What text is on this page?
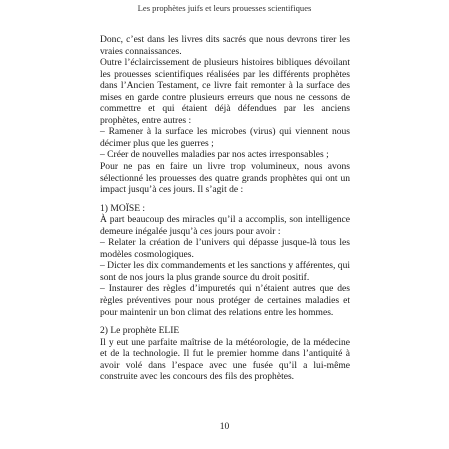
Les prophètes juifs et leurs prouesses scientifiques

Donc, c’est dans les livres dits sacrés que nous devrons tirer les vraies connaissances.

Outre l’éclaircissement de plusieurs histoires bibliques dévoilant les prouesses scientifiques réalisées par les différents prophètes dans l’Ancien Testament, ce livre fait remonter à la surface des mises en garde contre plusieurs erreurs que nous ne cessons de commettre et qui étaient déjà défendues par les anciens prophètes, entre autres :

– Ramener à la surface les microbes (virus) qui viennent nous décimer plus que les guerres ;

– Créer de nouvelles maladies par nos actes irresponsables ;

Pour ne pas en faire un livre trop volumineux, nous avons sélectionné les prouesses des quatre grands prophètes qui ont un impact jusqu’à ces jours. Il s’agit de :

1) MOÏSE :

À part beaucoup des miracles qu’il a accomplis, son intelligence demeure inégalée jusqu’à ces jours pour avoir :

– Relater la création de l’univers qui dépasse jusque-là tous les modèles cosmologiques.

– Dicter les dix commandements et les sanctions y afférentes, qui sont de nos jours la plus grande source du droit positif.

– Instaurer des règles d’impuretés qui n’étaient autres que des règles préventives pour nous protéger de certaines maladies et pour maintenir un bon climat des relations entre les hommes.

2) Le prophète ELIE

Il y eut une parfaite maîtrise de la météorologie, de la médecine et de la technologie. Il fut le premier homme dans l’antiquité à avoir volé dans l’espace avec une fusée qu’il a lui-même construite avec les concours des fils des prophètes.

10
